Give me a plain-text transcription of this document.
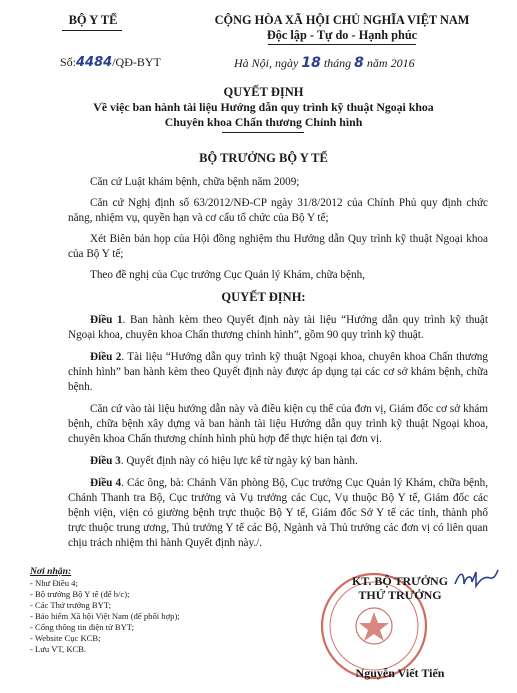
BỘ Y TẾ	CỘNG HÒA XÃ HỘI CHỦ NGHĨA VIỆT NAM
Độc lập - Tự do - Hạnh phúc
Số:4484/QĐ-BYT	Hà Nội, ngày 18 tháng 8 năm 2016
QUYẾT ĐỊNH
Về việc ban hành tài liệu Hướng dẫn quy trình kỹ thuật Ngoại khoa
Chuyên khoa Chấn thương Chỉnh hình
BỘ TRƯỞNG BỘ Y TẾ

Căn cứ Luật khám bệnh, chữa bệnh năm 2009;

Căn cứ Nghị định số 63/2012/NĐ-CP ngày 31/8/2012 của Chính Phủ quy định chức năng, nhiệm vụ, quyền hạn và cơ cấu tổ chức của Bộ Y tế;

Xét Biên bản họp của Hội đồng nghiệm thu Hướng dẫn Quy trình kỹ thuật Ngoại khoa của Bộ Y tế;

Theo đề nghị của Cục trưởng Cục Quản lý Khám, chữa bệnh,

QUYẾT ĐỊNH:

Điều 1. Ban hành kèm theo Quyết định này tài liệu “Hướng dẫn quy trình kỹ thuật Ngoại khoa, chuyên khoa Chấn thương chỉnh hình”, gồm 90 quy trình kỹ thuật.

Điều 2. Tài liệu “Hướng dẫn quy trình kỹ thuật Ngoại khoa, chuyên khoa Chấn thương chỉnh hình” ban hành kèm theo Quyết định này được áp dụng tại các cơ sở khám bệnh, chữa bệnh.

Căn cứ vào tài liệu hướng dẫn này và điều kiện cụ thể của đơn vị, Giám đốc cơ sở khám bệnh, chữa bệnh xây dựng và ban hành tài liệu Hướng dẫn quy trình kỹ thuật Ngoại khoa, chuyên khoa Chấn thương chỉnh hình phù hợp để thực hiện tại đơn vị.

Điều 3. Quyết định này có hiệu lực kể từ ngày ký ban hành.

Điều 4. Các ông, bà: Chánh Văn phòng Bộ, Cục trưởng Cục Quản lý Khám, chữa bệnh, Chánh Thanh tra Bộ, Cục trưởng và Vụ trưởng các Cục, Vụ thuộc Bộ Y tế, Giám đốc các bệnh viện, viện có giường bệnh trực thuộc Bộ Y tế, Giám đốc Sở Y tế các tỉnh, thành phố trực thuộc trung ương, Thủ trưởng Y tế các Bộ, Ngành và Thủ trưởng các đơn vị có liên quan chịu trách nhiệm thi hành Quyết định này./.

Nơi nhận:

- Như Điều 4;

- Bộ trưởng Bộ Y tế (để b/c);

- Các Thứ trưởng BYT;

- Bảo hiểm Xã hội Việt Nam (để phối hợp);

- Cổng thông tin điện tử BYT;

- Website Cục KCB;

- Lưu VT, KCB.

KT. BỘ TRƯỞNG
THỨ TRƯỞNG
Nguyễn Viết Tiến
